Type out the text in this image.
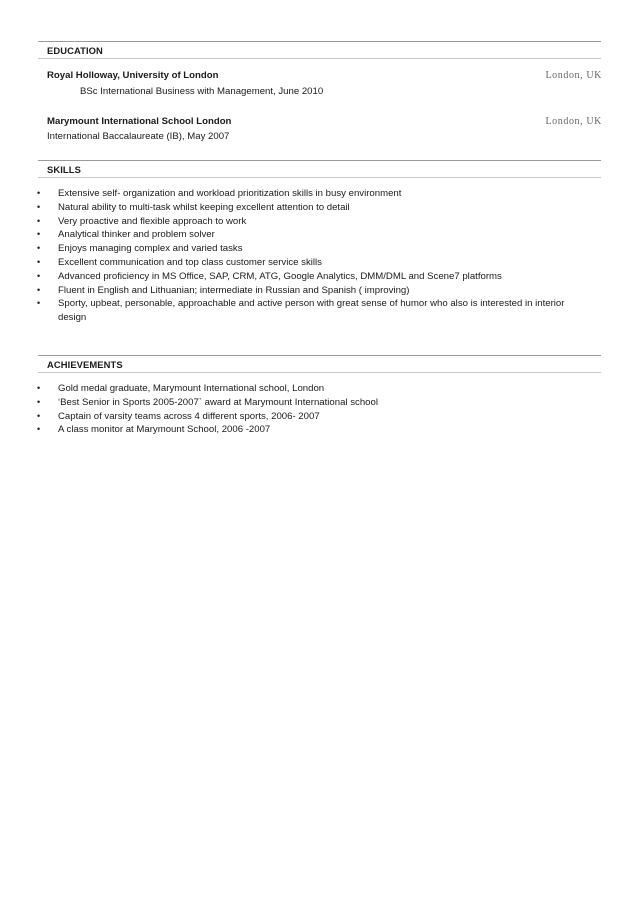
EDUCATION
Royal Holloway, University of London	London, UK
BSc International Business with Management, June 2010
Marymount International School London	London, UK
International Baccalaureate (IB), May 2007
SKILLS
• Extensive self- organization and workload prioritization skills in busy environment
• Natural ability to multi-task whilst keeping excellent attention to detail
• Very proactive and flexible approach to work
• Analytical thinker and problem solver
• Enjoys managing complex and varied tasks
• Excellent communication and top class customer service skills
• Advanced proficiency in MS Office, SAP, CRM, ATG, Google Analytics, DMM/DML and Scene7 platforms
• Fluent in English and Lithuanian; intermediate in Russian and Spanish ( improving)
• Sporty, upbeat, personable, approachable and active person with great sense of humor who also is interested in interior design
ACHIEVEMENTS
• Gold medal graduate, Marymount International school, London
• ‘Best Senior in Sports 2005-2007` award at Marymount International school
• Captain of varsity teams across 4 different sports, 2006- 2007
• A class monitor at Marymount School, 2006 -2007
